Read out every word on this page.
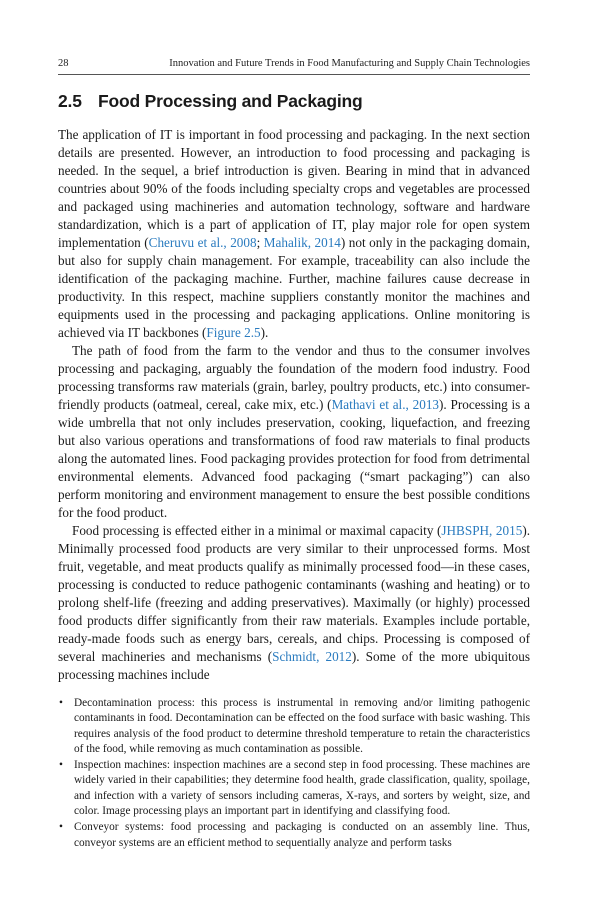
28	Innovation and Future Trends in Food Manufacturing and Supply Chain Technologies
2.5 Food Processing and Packaging

The application of IT is important in food processing and packaging. In the next section details are presented. However, an introduction to food processing and packaging is needed. In the sequel, a brief introduction is given. Bearing in mind that in advanced countries about 90% of the foods including specialty crops and vegetables are processed and packaged using machineries and automation technology, software and hardware standardization, which is a part of application of IT, play major role for open system implementation (Cheruvu et al., 2008; Mahalik, 2014) not only in the packaging domain, but also for supply chain management. For example, traceability can also include the identification of the packaging machine. Further, machine failures cause decrease in productivity. In this respect, machine suppliers constantly monitor the machines and equipments used in the processing and packaging applications. Online monitoring is achieved via IT backbones (Figure 2.5).

The path of food from the farm to the vendor and thus to the consumer involves processing and packaging, arguably the foundation of the modern food industry. Food processing transforms raw materials (grain, barley, poultry products, etc.) into consumer-friendly products (oatmeal, cereal, cake mix, etc.) (Mathavi et al., 2013). Processing is a wide umbrella that not only includes preservation, cooking, liquefaction, and freezing but also various operations and transformations of food raw materials to final products along the automated lines. Food packaging provides protection for food from detrimental environmental elements. Advanced food packaging (“smart packaging”) can also perform monitoring and environment management to ensure the best possible conditions for the food product.

Food processing is effected either in a minimal or maximal capacity (JHBSPH, 2015). Minimally processed food products are very similar to their unprocessed forms. Most fruit, vegetable, and meat products qualify as minimally processed food—in these cases, processing is conducted to reduce pathogenic contaminants (washing and heating) or to prolong shelf-life (freezing and adding preservatives). Maximally (or highly) processed food products differ significantly from their raw materials. Examples include portable, ready-made foods such as energy bars, cereals, and chips. Processing is composed of several machineries and mechanisms (Schmidt, 2012). Some of the more ubiquitous processing machines include

• Decontamination process: this process is instrumental in removing and/or limiting pathogenic contaminants in food. Decontamination can be effected on the food surface with basic washing. This requires analysis of the food product to determine threshold temperature to retain the characteristics of the food, while removing as much contamination as possible.
• Inspection machines: inspection machines are a second step in food processing. These machines are widely varied in their capabilities; they determine food health, grade classification, quality, spoilage, and infection with a variety of sensors including cameras, X-rays, and sorters by weight, size, and color. Image processing plays an important part in identifying and classifying food.
• Conveyor systems: food processing and packaging is conducted on an assembly line. Thus, conveyor systems are an efficient method to sequentially analyze and perform tasks
